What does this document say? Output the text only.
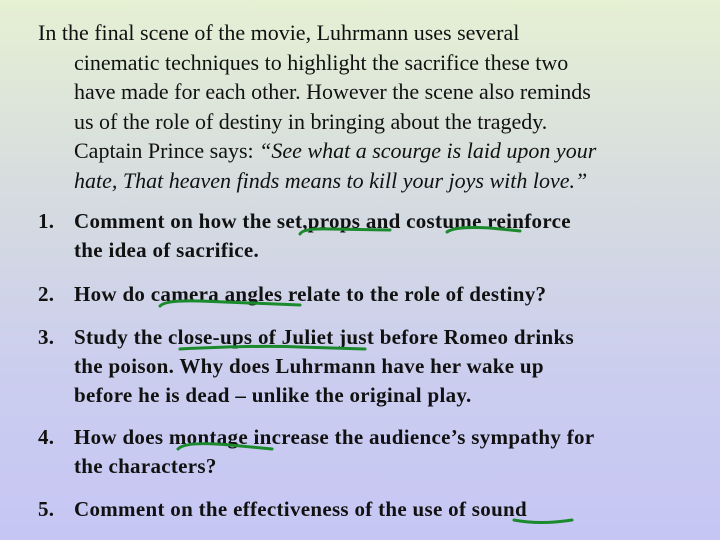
In the final scene of the movie, Luhrmann uses several
cinematic techniques to highlight the sacrifice these two
have made for each other. However the scene also reminds
us of the role of destiny in bringing about the tragedy.
Captain Prince says: “See what a scourge is laid upon your
hate, That heaven finds means to kill your joys with love.”
1. Comment on how the set,props and costume reinforce
the idea of sacrifice.
2. How do camera angles relate to the role of destiny?
3. Study the close-ups of Juliet just before Romeo drinks
the poison. Why does Luhrmann have her wake up
before he is dead – unlike the original play.
4. How does montage increase the audience’s sympathy for
the characters?
5. Comment on the effectiveness of the use of sound
